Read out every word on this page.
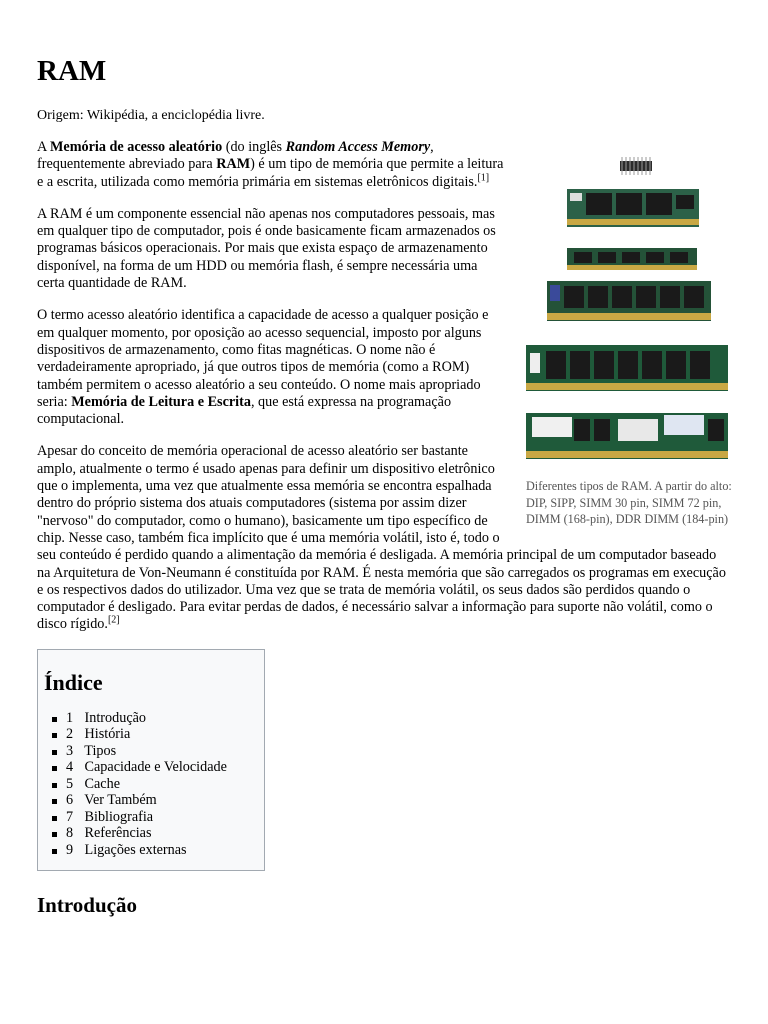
RAM
Origem: Wikipédia, a enciclopédia livre.
Diferentes tipos de RAM. A partir do alto: DIP, SIPP, SIMM 30 pin, SIMM 72 pin, DIMM (168-pin), DDR DIMM (184-pin)

A Memória de acesso aleatório (do inglês Random Access Memory, frequentemente abreviado para RAM) é um tipo de memória que permite a leitura e a escrita, utilizada como memória primária em sistemas eletrônicos digitais.[1]

A RAM é um componente essencial não apenas nos computadores pessoais, mas em qualquer tipo de computador, pois é onde basicamente ficam armazenados os programas básicos operacionais. Por mais que exista espaço de armazenamento disponível, na forma de um HDD ou memória flash, é sempre necessária uma certa quantidade de RAM.

O termo acesso aleatório identifica a capacidade de acesso a qualquer posição e em qualquer momento, por oposição ao acesso sequencial, imposto por alguns dispositivos de armazenamento, como fitas magnéticas. O nome não é verdadeiramente apropriado, já que outros tipos de memória (como a ROM) também permitem o acesso aleatório a seu conteúdo. O nome mais apropriado seria: Memória de Leitura e Escrita, que está expressa na programação computacional.

Apesar do conceito de memória operacional de acesso aleatório ser bastante amplo, atualmente o termo é usado apenas para definir um dispositivo eletrônico que o implementa, uma vez que atualmente essa memória se encontra espalhada dentro do próprio sistema dos atuais computadores (sistema por assim dizer "nervoso" do computador, como o humano), basicamente um tipo específico de chip. Nesse caso, também fica implícito que é uma memória volátil, isto é, todo o seu conteúdo é perdido quando a alimentação da memória é desligada. A memória principal de um computador baseado na Arquitetura de Von-Neumann é constituída por RAM. É nesta memória que são carregados os programas em execução e os respectivos dados do utilizador. Uma vez que se trata de memória volátil, os seus dados são perdidos quando o computador é desligado. Para evitar perdas de dados, é necessário salvar a informação para suporte não volátil, como o disco rígido.[2]

Índice
1 Introdução
2 História
3 Tipos
4 Capacidade e Velocidade
5 Cache
6 Ver Também
7 Bibliografia
8 Referências
9 Ligações externas
Introdução
